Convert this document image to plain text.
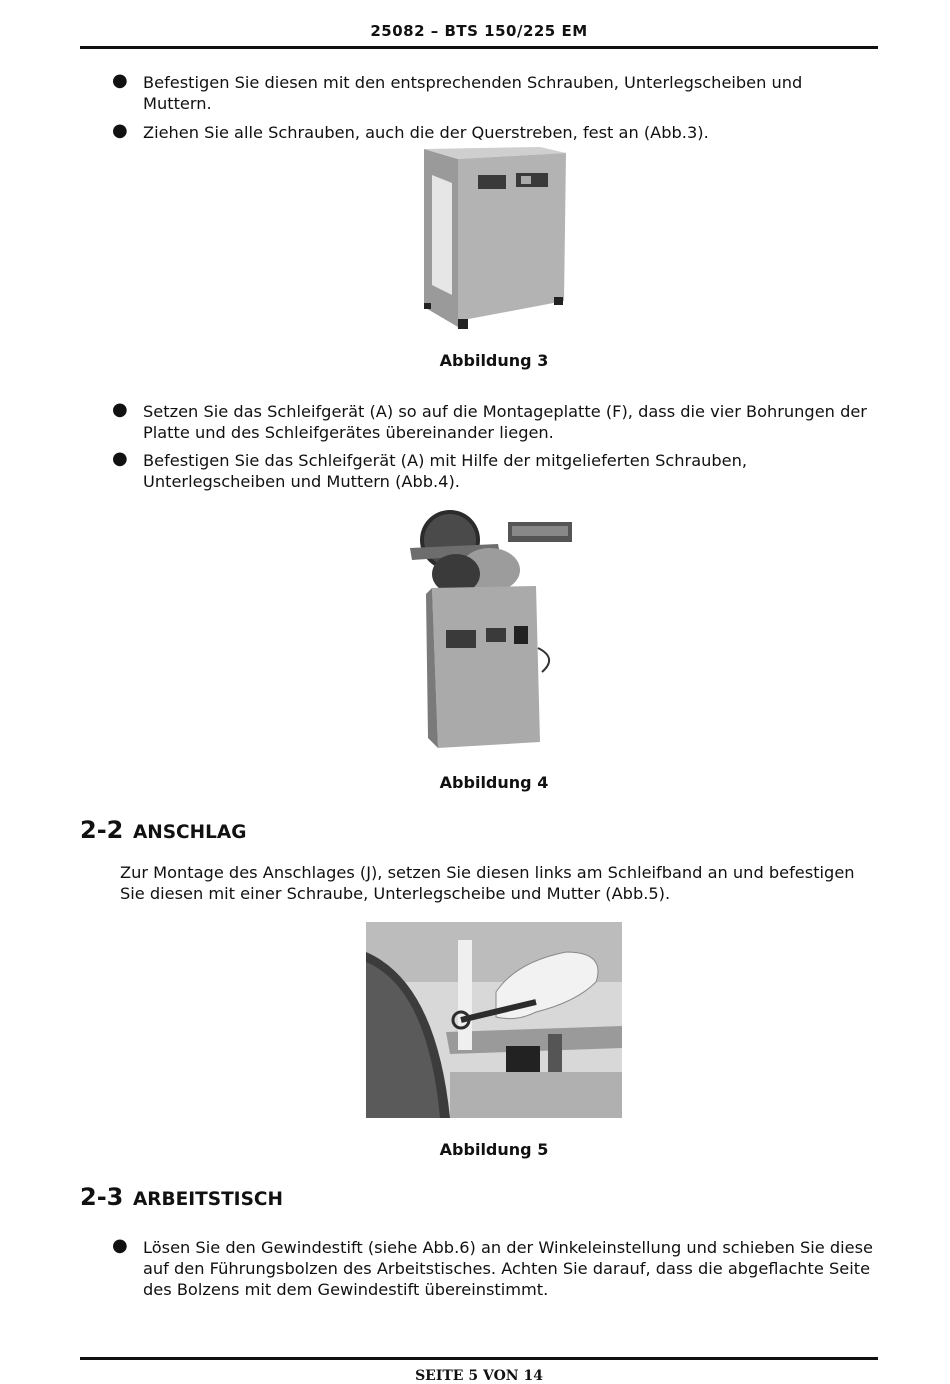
25082 – BTS 150/225 EM
● Befestigen Sie diesen mit den entsprechenden Schrauben, Unterlegscheiben und Muttern.
● Ziehen Sie alle Schrauben, auch die der Querstreben, fest an (Abb.3).
Abbildung 3
● Setzen Sie das Schleifgerät (A) so auf die Montageplatte (F), dass die vier Bohrungen der Platte und des Schleifgerätes übereinander liegen.
● Befestigen Sie das Schleifgerät (A) mit Hilfe der mitgelieferten Schrauben, Unterlegscheiben und Muttern (Abb.4).
Abbildung 4
2-2 ANSCHLAG
Zur Montage des Anschlages (J), setzen Sie diesen links am Schleifband an und befestigen Sie diesen mit einer Schraube, Unterlegscheibe und Mutter (Abb.5).
Abbildung 5
2-3 ARBEITSTISCH
● Lösen Sie den Gewindestift (siehe Abb.6) an der Winkeleinstellung und schieben Sie diese auf den Führungsbolzen des Arbeitstisches. Achten Sie darauf, dass die abgeflachte Seite des Bolzens mit dem Gewindestift übereinstimmt.
SEITE 5 VON 14
